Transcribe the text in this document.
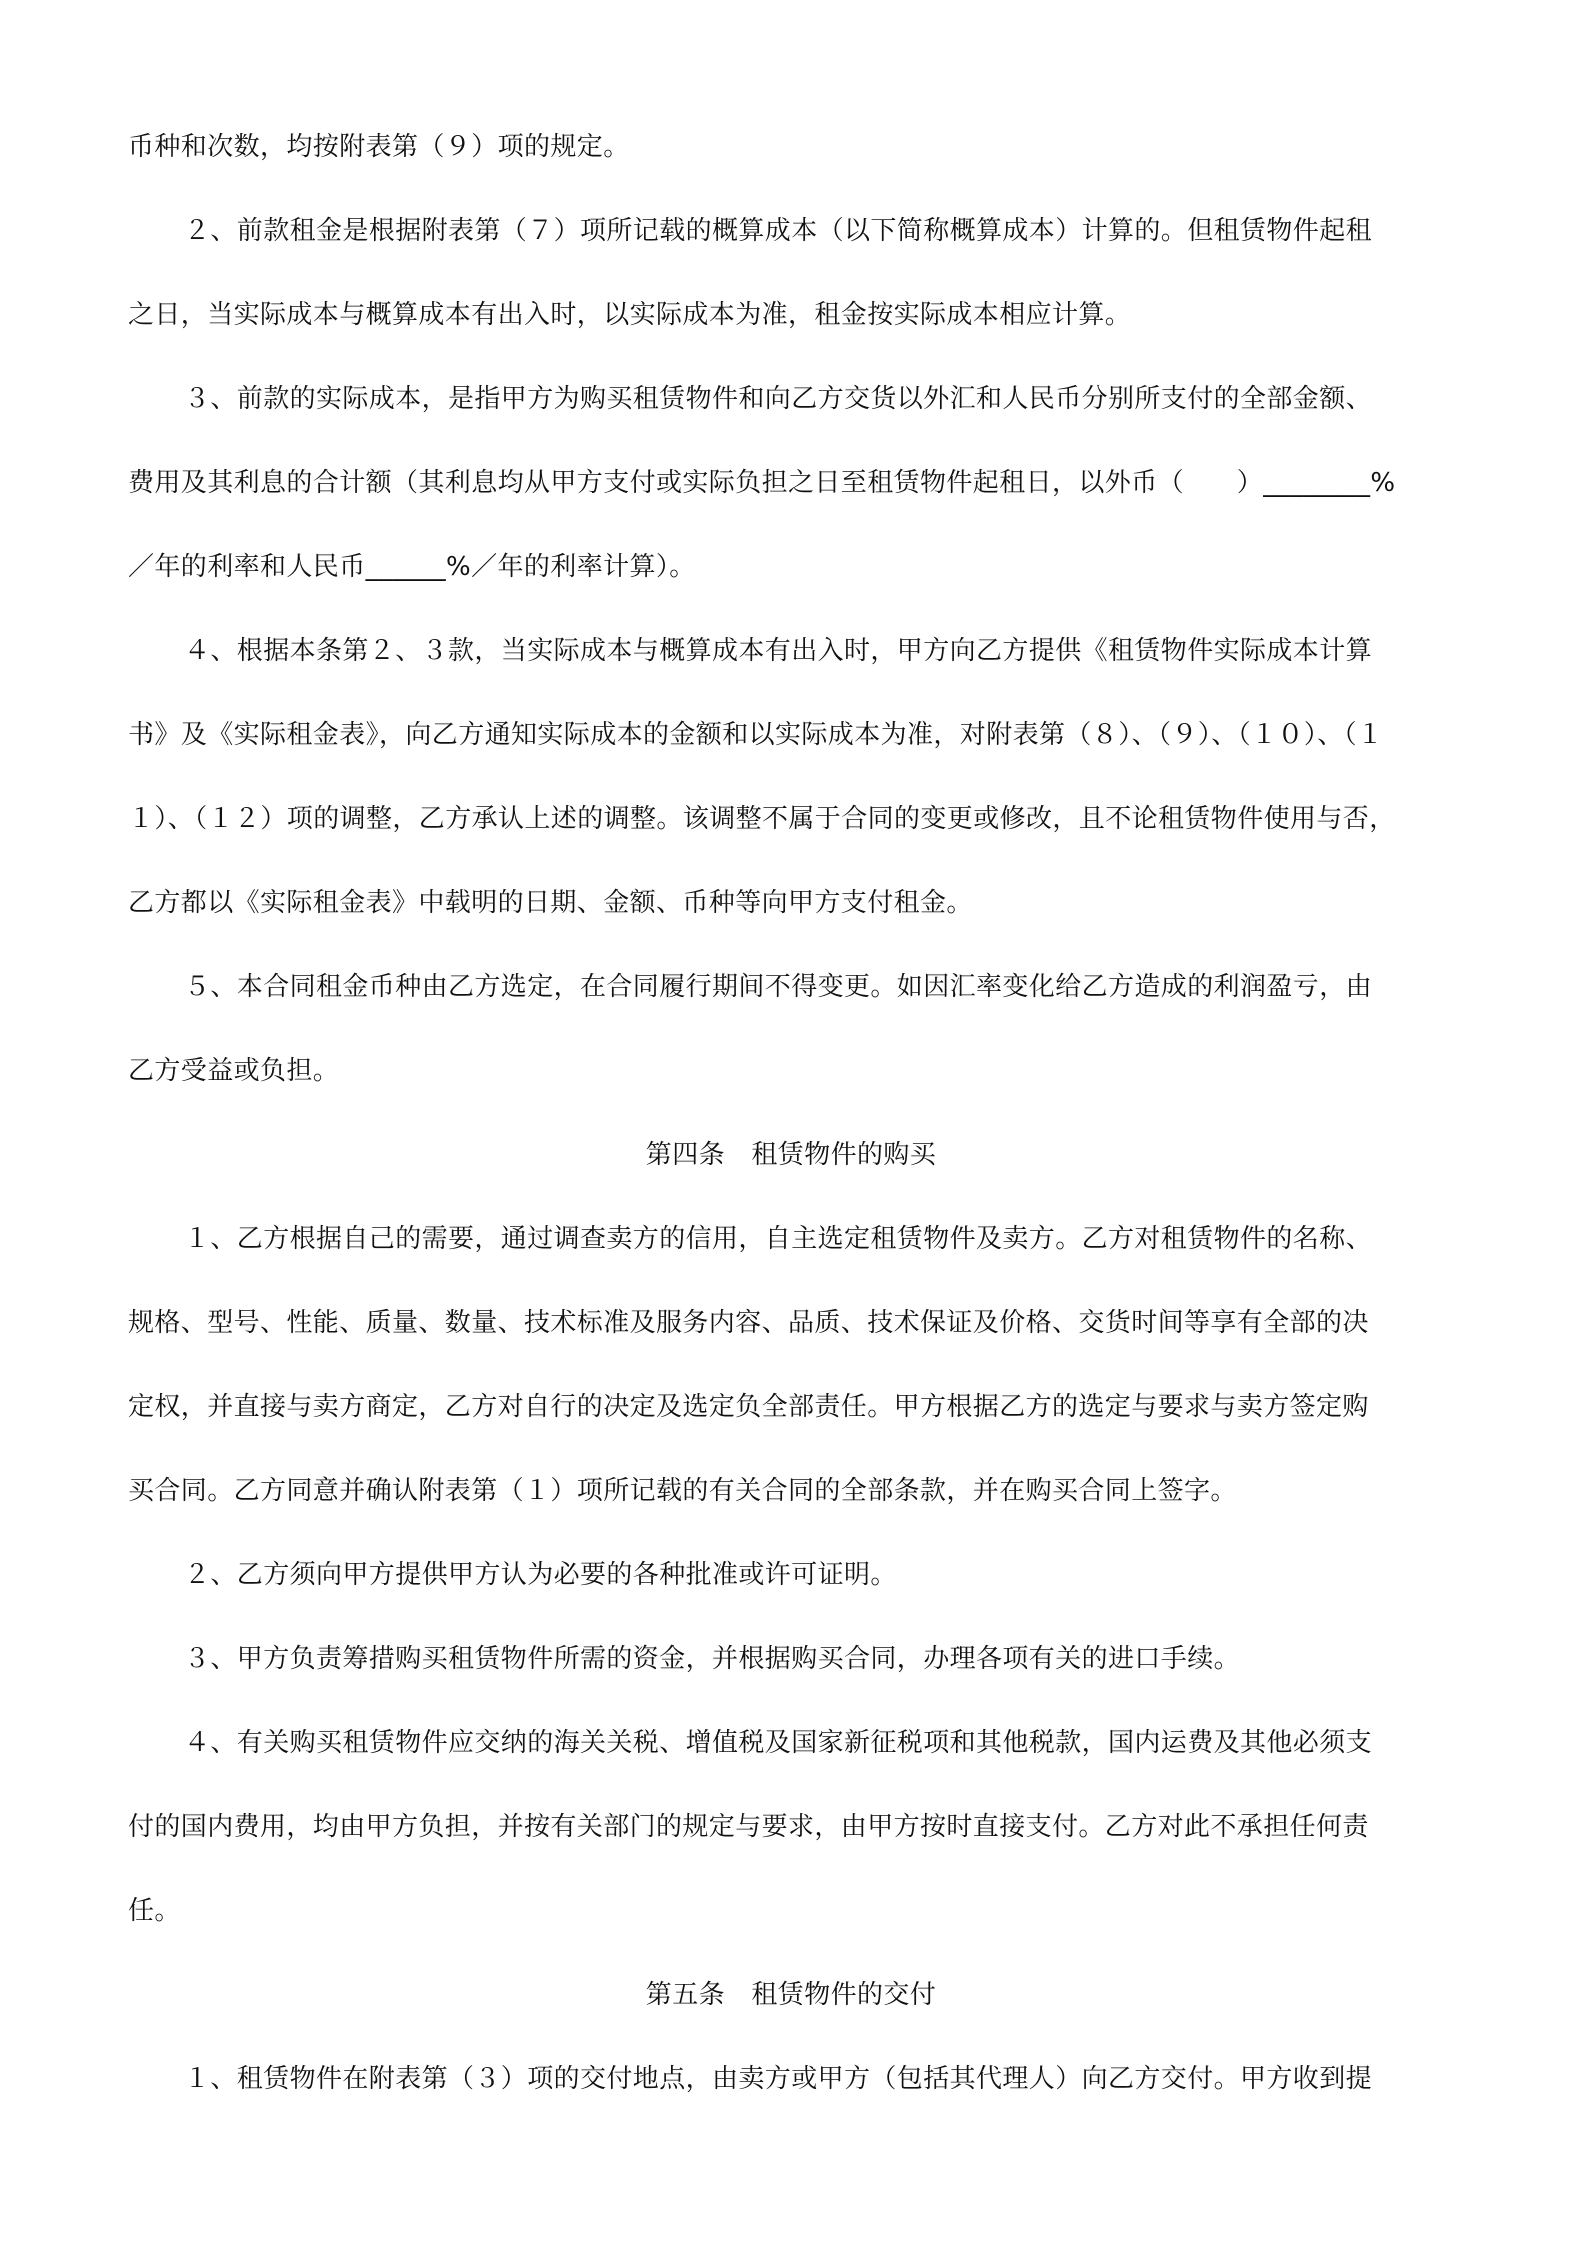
币种和次数，均按附表第（９）项的规定。
２、前款租金是根据附表第（７）项所记载的概算成本（以下简称概算成本）计算的。但租赁物件起租
之日，当实际成本与概算成本有出入时，以实际成本为准，租金按实际成本相应计算。
３、前款的实际成本，是指甲方为购买租赁物件和向乙方交货以外汇和人民币分别所支付的全部金额、
费用及其利息的合计额（其利息均从甲方支付或实际负担之日至租赁物件起租日，以外币（　　）________%
／年的利率和人民币______%／年的利率计算）。
４、根据本条第２、３款，当实际成本与概算成本有出入时，甲方向乙方提供《租赁物件实际成本计算
书》及《实际租金表》，向乙方通知实际成本的金额和以实际成本为准，对附表第（８）、（９）、（１０）、（１
１）、（１２）项的调整，乙方承认上述的调整。该调整不属于合同的变更或修改，且不论租赁物件使用与否，
乙方都以《实际租金表》中载明的日期、金额、币种等向甲方支付租金。
５、本合同租金币种由乙方选定，在合同履行期间不得变更。如因汇率变化给乙方造成的利润盈亏，由
乙方受益或负担。
第四条　租赁物件的购买
１、乙方根据自己的需要，通过调查卖方的信用，自主选定租赁物件及卖方。乙方对租赁物件的名称、
规格、型号、性能、质量、数量、技术标准及服务内容、品质、技术保证及价格、交货时间等享有全部的决
定权，并直接与卖方商定，乙方对自行的决定及选定负全部责任。甲方根据乙方的选定与要求与卖方签定购
买合同。乙方同意并确认附表第（１）项所记载的有关合同的全部条款，并在购买合同上签字。
２、乙方须向甲方提供甲方认为必要的各种批准或许可证明。
３、甲方负责筹措购买租赁物件所需的资金，并根据购买合同，办理各项有关的进口手续。
４、有关购买租赁物件应交纳的海关关税、增值税及国家新征税项和其他税款，国内运费及其他必须支
付的国内费用，均由甲方负担，并按有关部门的规定与要求，由甲方按时直接支付。乙方对此不承担任何责
任。
第五条　租赁物件的交付
１、租赁物件在附表第（３）项的交付地点，由卖方或甲方（包括其代理人）向乙方交付。甲方收到提
